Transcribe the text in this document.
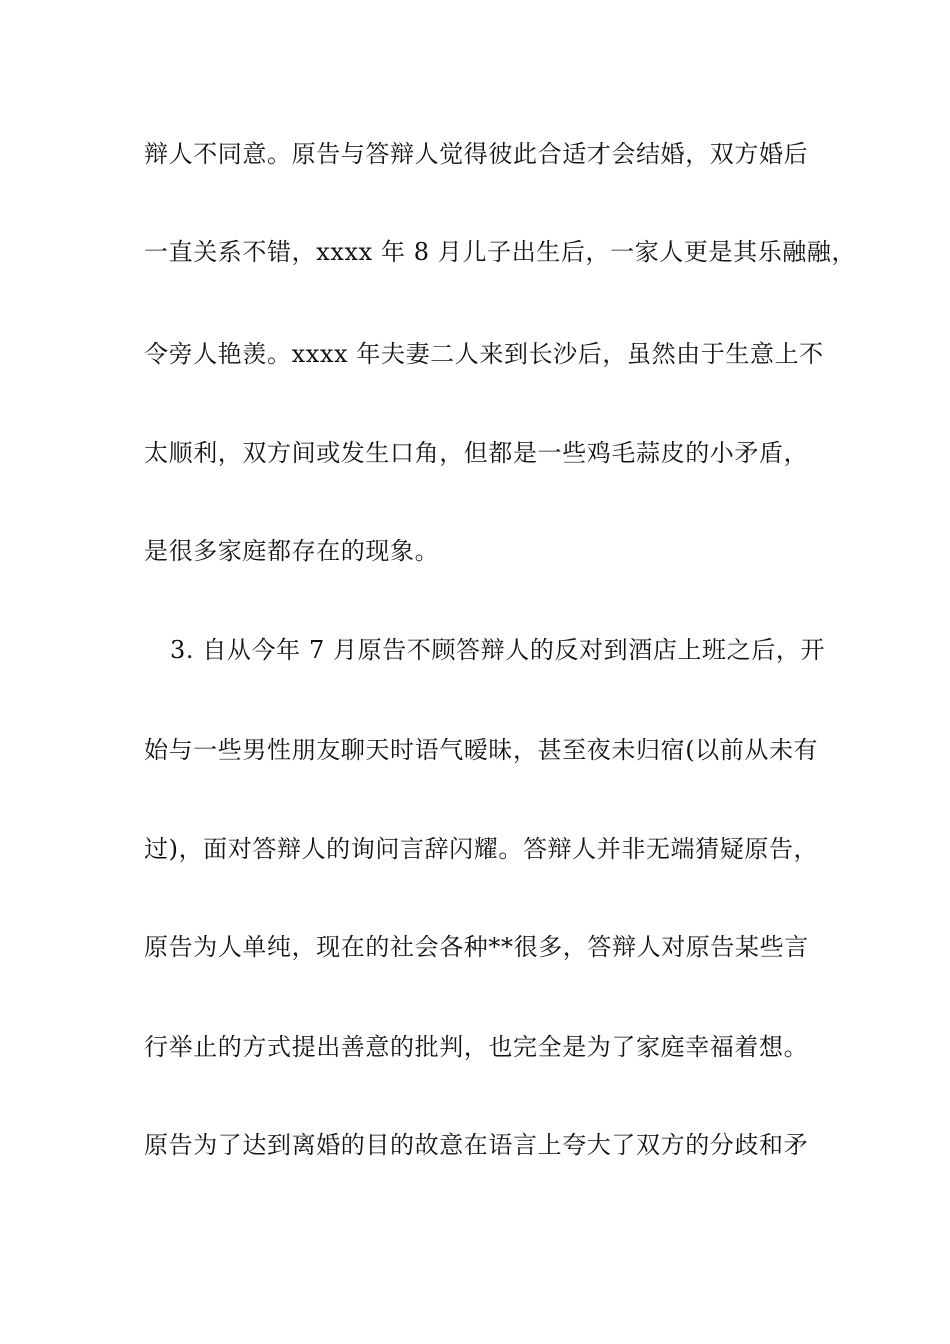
辩人不同意。原告与答辩人觉得彼此合适才会结婚，双方婚后
一直关系不错，xxxx 年 8 月儿子出生后，一家人更是其乐融融，
令旁人艳羡。xxxx 年夫妻二人来到长沙后，虽然由于生意上不
太顺利，双方间或发生口角，但都是一些鸡毛蒜皮的小矛盾，
是很多家庭都存在的现象。
3. 自从今年 7 月原告不顾答辩人的反对到酒店上班之后，开
始与一些男性朋友聊天时语气暧昧，甚至夜未归宿(以前从未有
过)，面对答辩人的询问言辞闪耀。答辩人并非无端猜疑原告，
原告为人单纯，现在的社会各种**很多，答辩人对原告某些言
行举止的方式提出善意的批判，也完全是为了家庭幸福着想。
原告为了达到离婚的目的故意在语言上夸大了双方的分歧和矛
